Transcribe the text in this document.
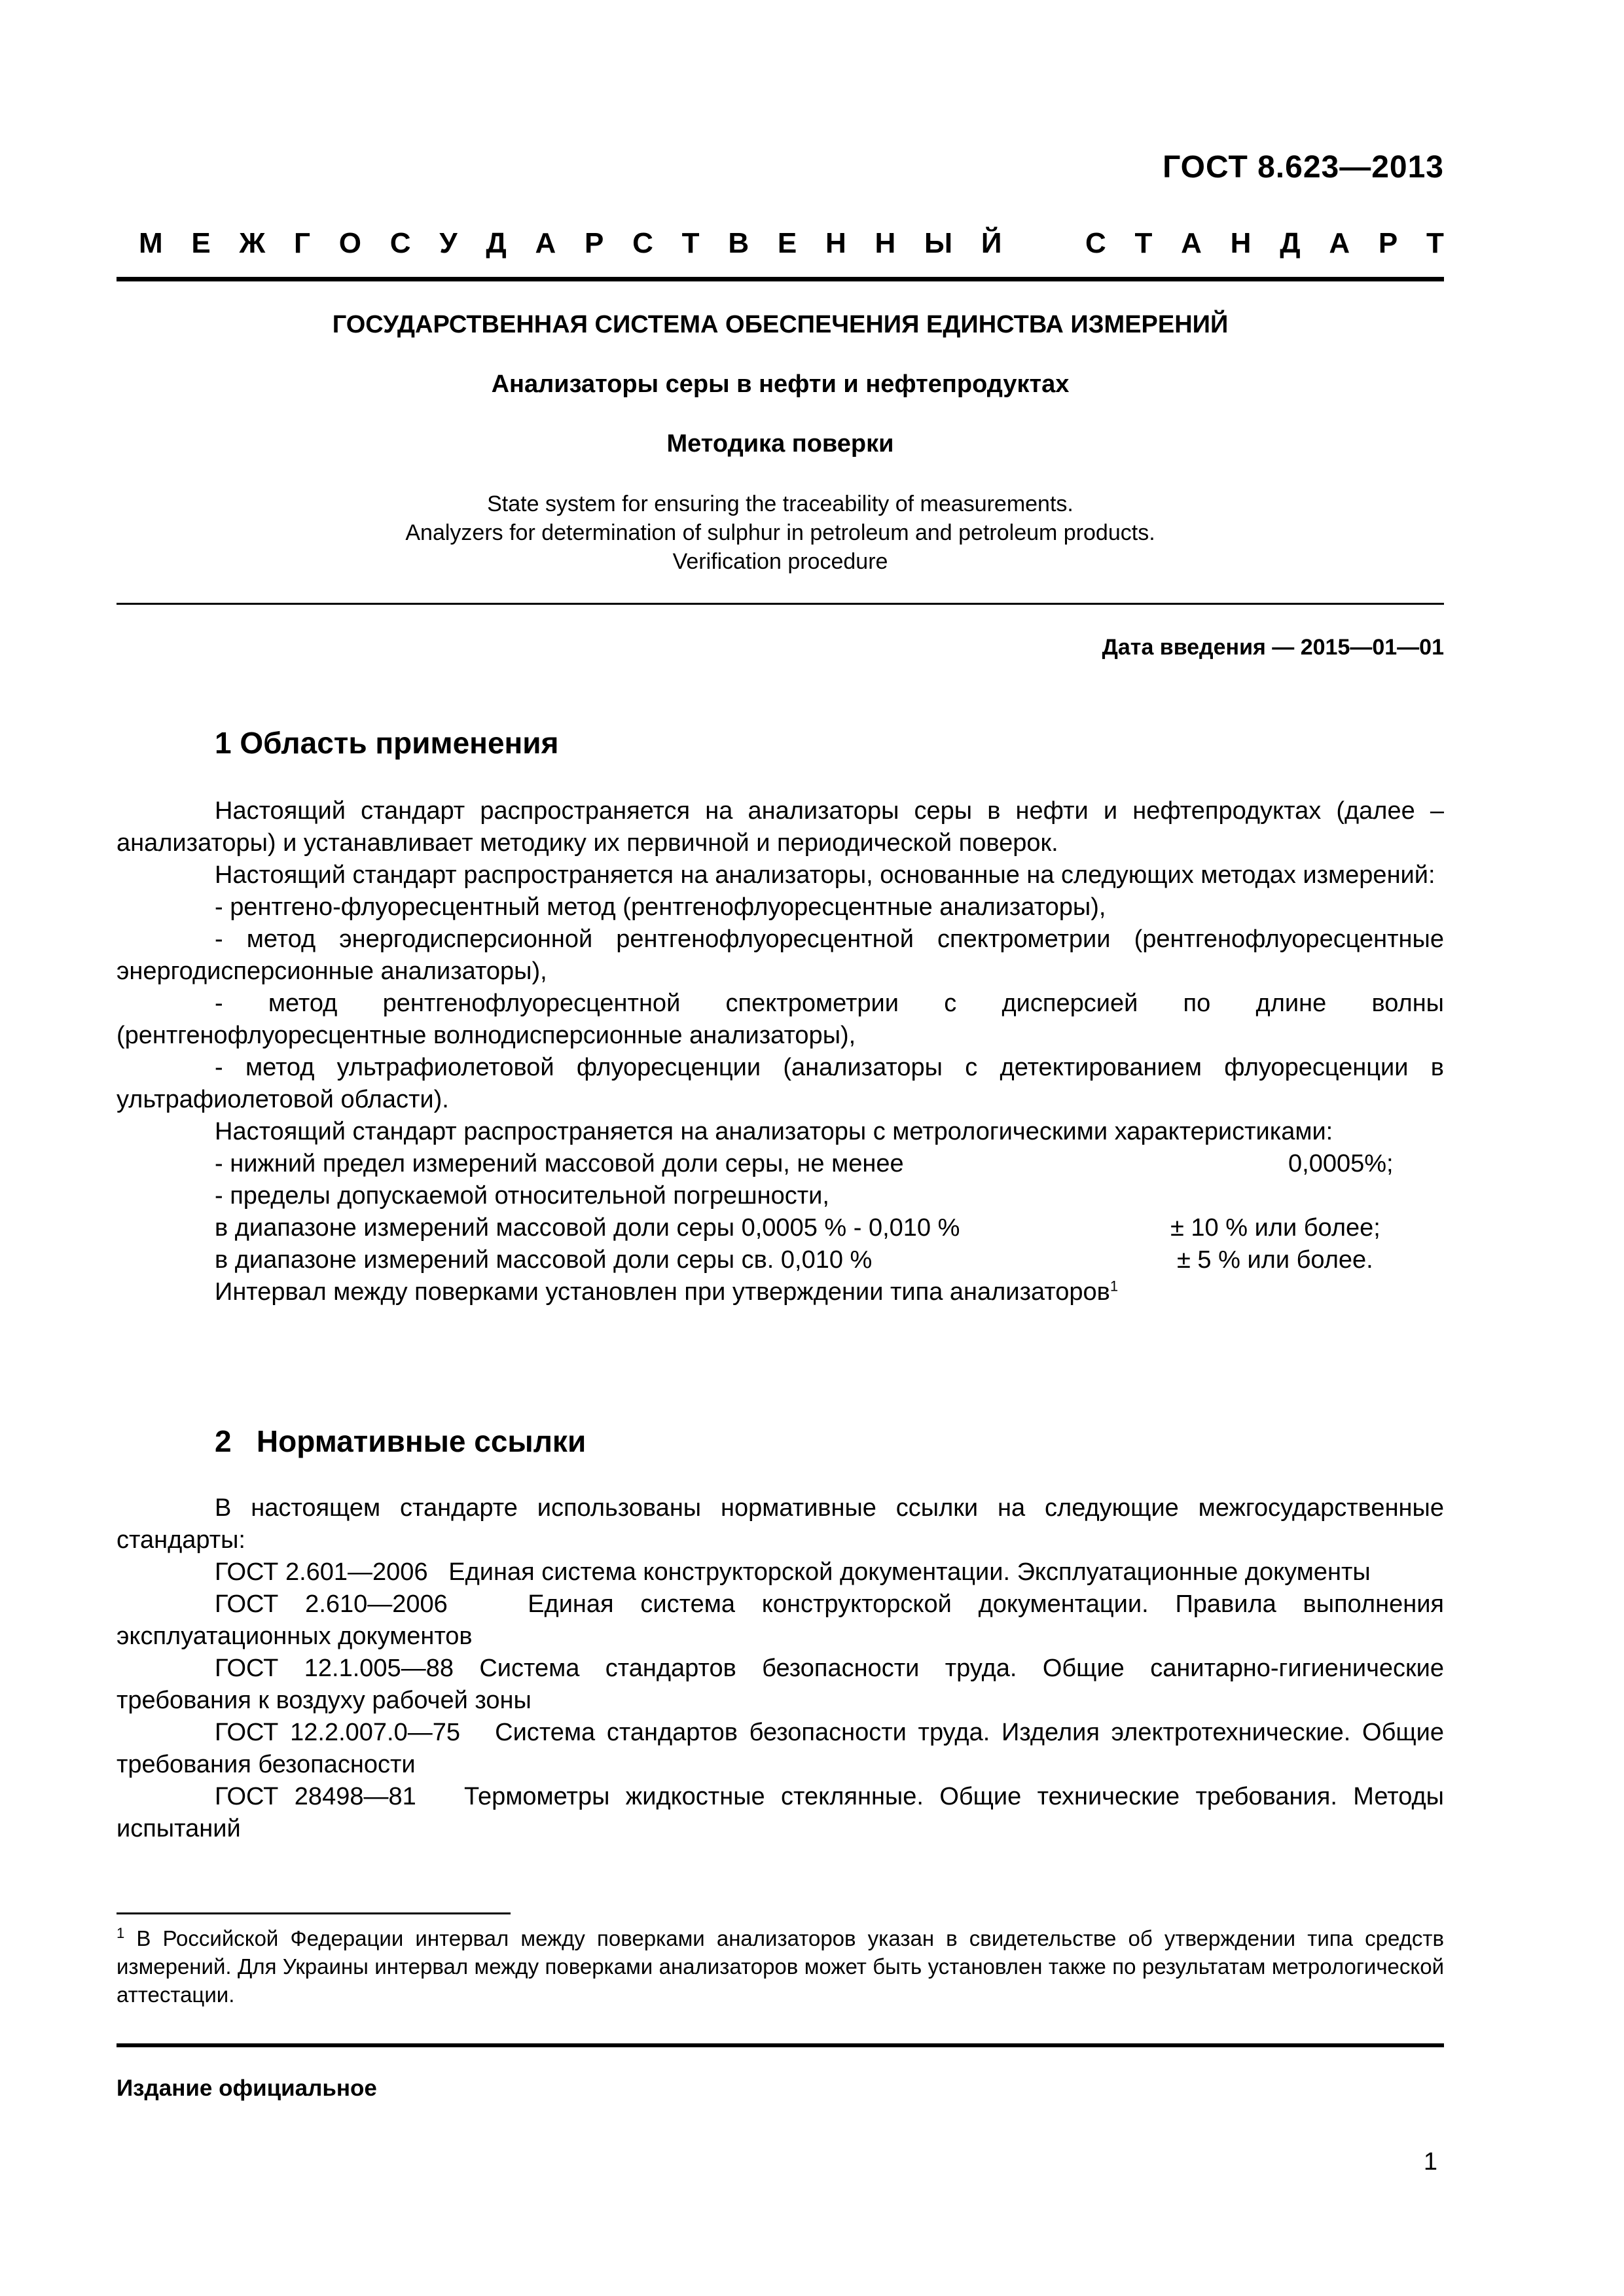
ГОСТ 8.623—2013
М Е Ж Г О С У Д А Р С Т В Е Н Н Ы Й	С Т А Н Д А Р Т
ГОСУДАРСТВЕННАЯ СИСТЕМА ОБЕСПЕЧЕНИЯ ЕДИНСТВА ИЗМЕРЕНИЙ
Анализаторы серы в нефти и нефтепродуктах
Методика поверки
State system for ensuring the traceability of measurements.
Analyzers for determination of sulphur in petroleum and petroleum products.
Verification procedure
Дата введения — 2015—01—01
1 Область применения

Настоящий стандарт распространяется на анализаторы серы в нефти и нефтепродуктах (далее – анализаторы) и устанавливает методику их первичной и периодической поверок.

Настоящий стандарт распространяется на анализаторы, основанные на следующих методах измерений:

- рентгено-флуоресцентный метод (рентгенофлуоресцентные анализаторы),

- метод энергодисперсионной рентгенофлуоресцентной спектрометрии (рентгенофлуоресцентные энергодисперсионные анализаторы),

- метод рентгенофлуоресцентной спектрометрии с дисперсией по длине волны (рентгенофлуоресцентные волнодисперсионные анализаторы),

- метод ультрафиолетовой флуоресценции (анализаторы с детектированием флуоресценции в ультрафиолетовой области).

Настоящий стандарт распространяется на анализаторы с метрологическими характеристиками:

- нижний предел измерений массовой доли серы, не менее	0,0005%;
- пределы допускаемой относительной погрешности,
в диапазоне измерений массовой доли серы 0,0005 % - 0,010 %	± 10 % или более;
в диапазоне измерений массовой доли серы св. 0,010 %	± 5 % или более.
Интервал между поверками установлен при утверждении типа анализаторов$^1$
2   Нормативные ссылки

В настоящем стандарте использованы нормативные ссылки на следующие межгосударственные стандарты:

ГОСТ 2.601—2006   Единая система конструкторской документации. Эксплуатационные документы

ГОСТ 2.610—2006   Единая система конструкторской документации. Правила выполнения эксплуатационных документов

ГОСТ 12.1.005—88 Система стандартов безопасности труда. Общие санитарно-гигиенические требования к воздуху рабочей зоны

ГОСТ 12.2.007.0—75   Система стандартов безопасности труда. Изделия электротехнические. Общие требования безопасности

ГОСТ 28498—81   Термометры жидкостные стеклянные. Общие технические требования. Методы испытаний

$^1$ В Российской Федерации интервал между поверками анализаторов указан в свидетельстве об утверждении типа средств измерений. Для Украины интервал между поверками анализаторов может быть установлен также по результатам метрологической аттестации.
Издание официальное
1
